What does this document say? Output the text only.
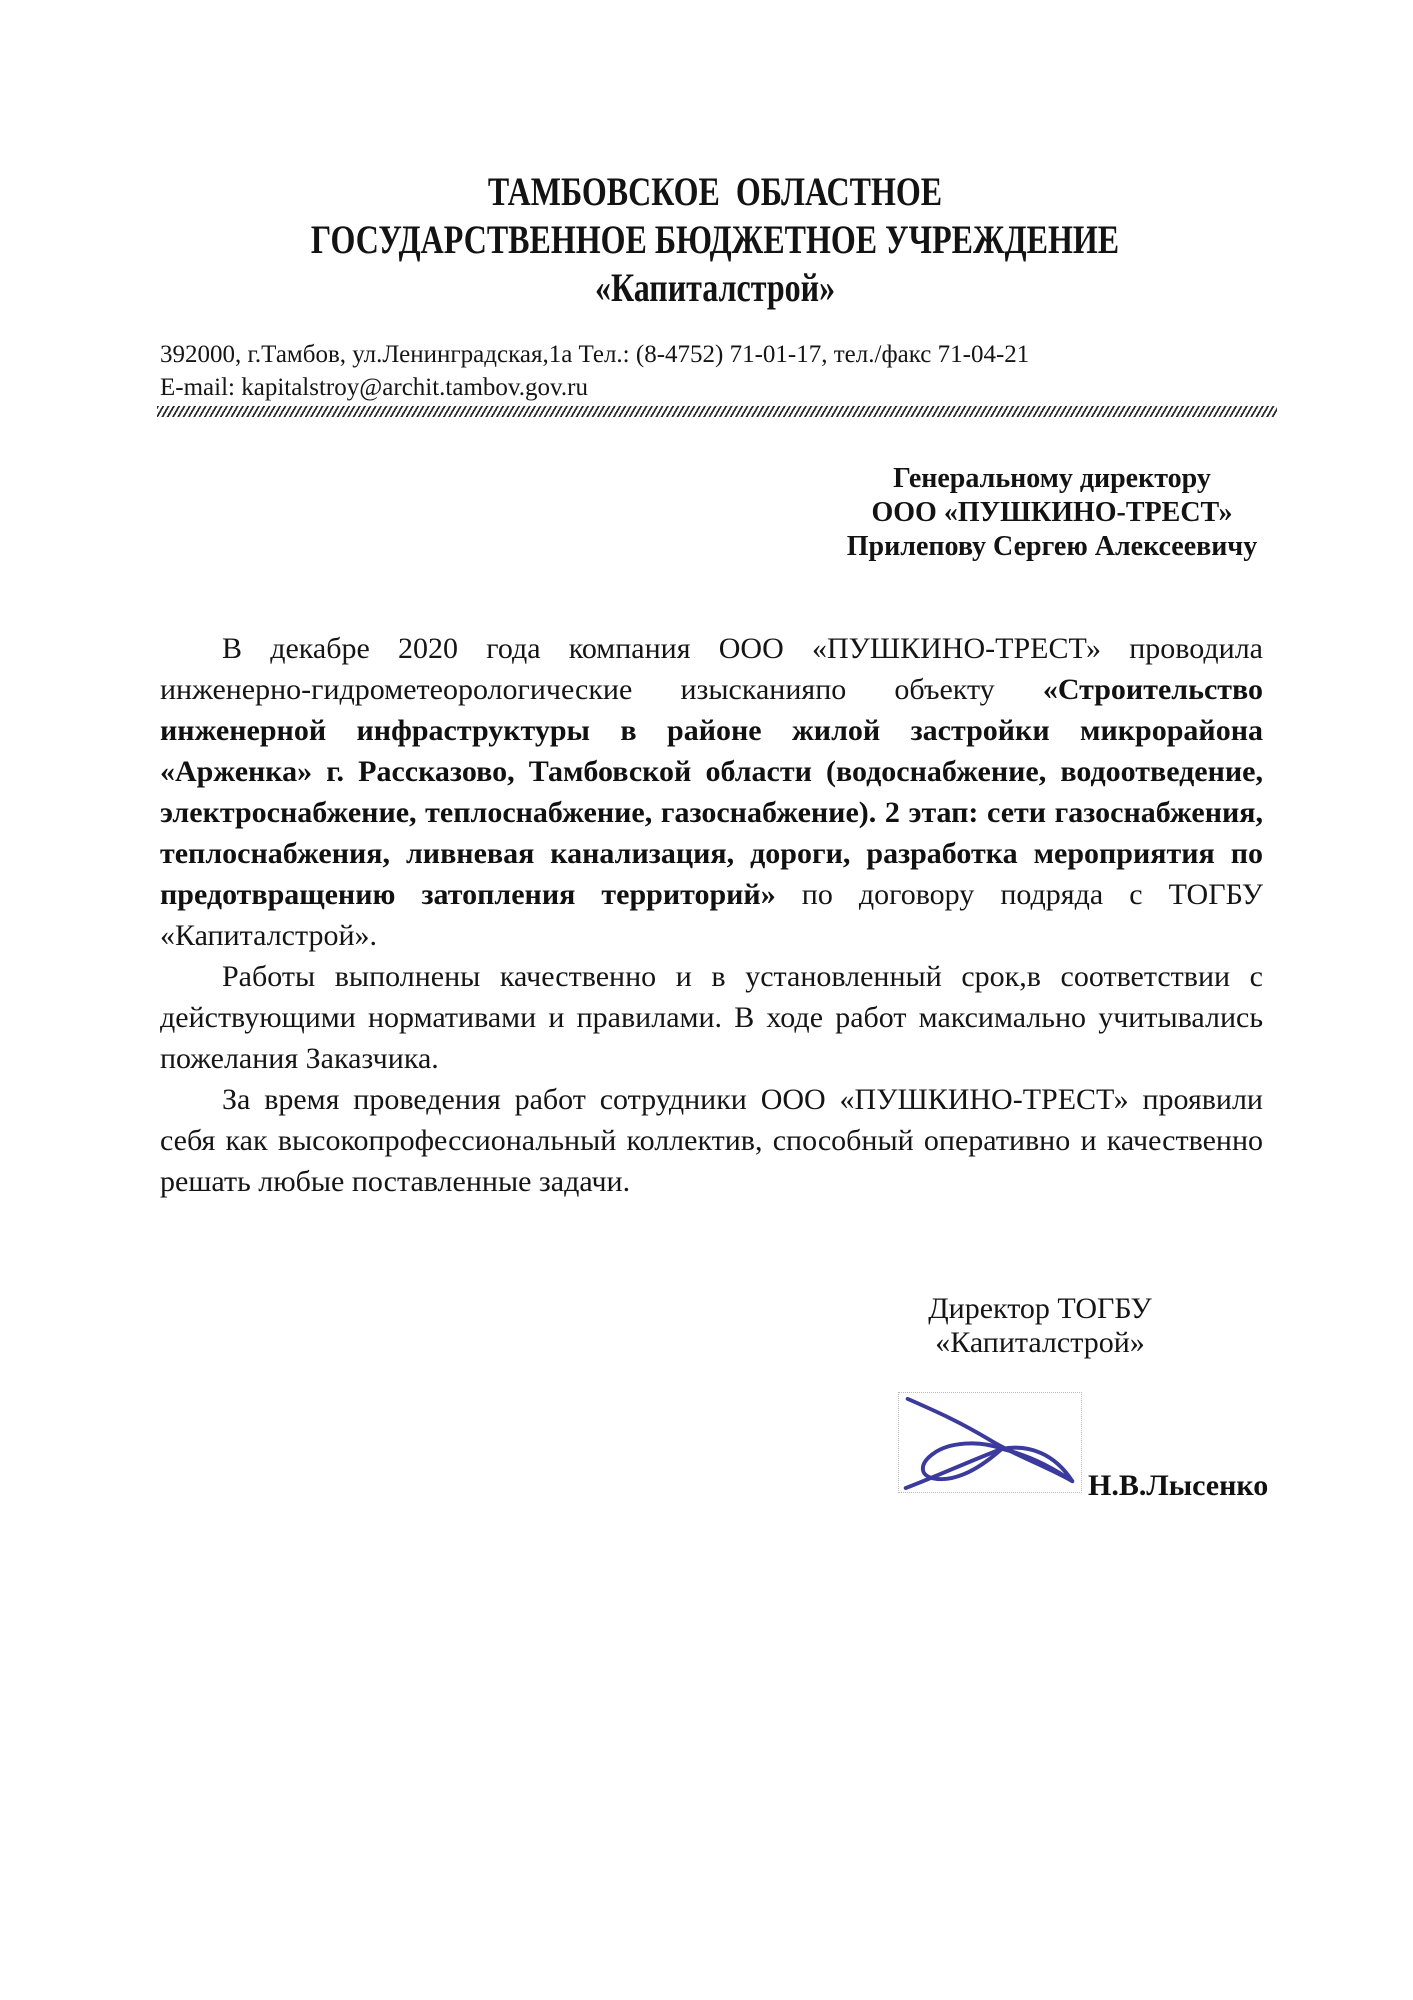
ТАМБОВСКОЕ  ОБЛАСТНОЕ
ГОСУДАРСТВЕННОЕ БЮДЖЕТНОЕ УЧРЕЖДЕНИЕ
«Капиталстрой»
392000, г.Тамбов, ул.Ленинградская,1а Тел.: (8-4752) 71-01-17, тел./факс 71-04-21
E-mail: kapitalstroy@archit.tambov.gov.ru
Генеральному директору
ООО «ПУШКИНО-ТРЕСТ»
Прилепову Сергею Алексеевичу

В декабре 2020 года компания ООО «ПУШКИНО-ТРЕСТ» проводила инженерно-гидрометеорологические изысканияпо объекту «Строительство инженерной инфраструктуры в районе жилой застройки микрорайона «Арженка» г. Рассказово, Тамбовской области (водоснабжение, водоотведение, электроснабжение, теплоснабжение, газоснабжение). 2 этап: сети газоснабжения, теплоснабжения, ливневая канализация, дороги, разработка мероприятия по предотвращению затопления территорий» по договору подряда с ТОГБУ «Капиталстрой».

Работы выполнены качественно и в установленный срок,в соответствии с действующими нормативами и правилами. В ходе работ максимально учитывались пожелания Заказчика.

За время проведения работ сотрудники ООО «ПУШКИНО-ТРЕСТ» проявили себя как высокопрофессиональный коллектив, способный оперативно и качественно решать любые поставленные задачи.

Директор ТОГБУ
«Капиталстрой»
Н.В.Лысенко
